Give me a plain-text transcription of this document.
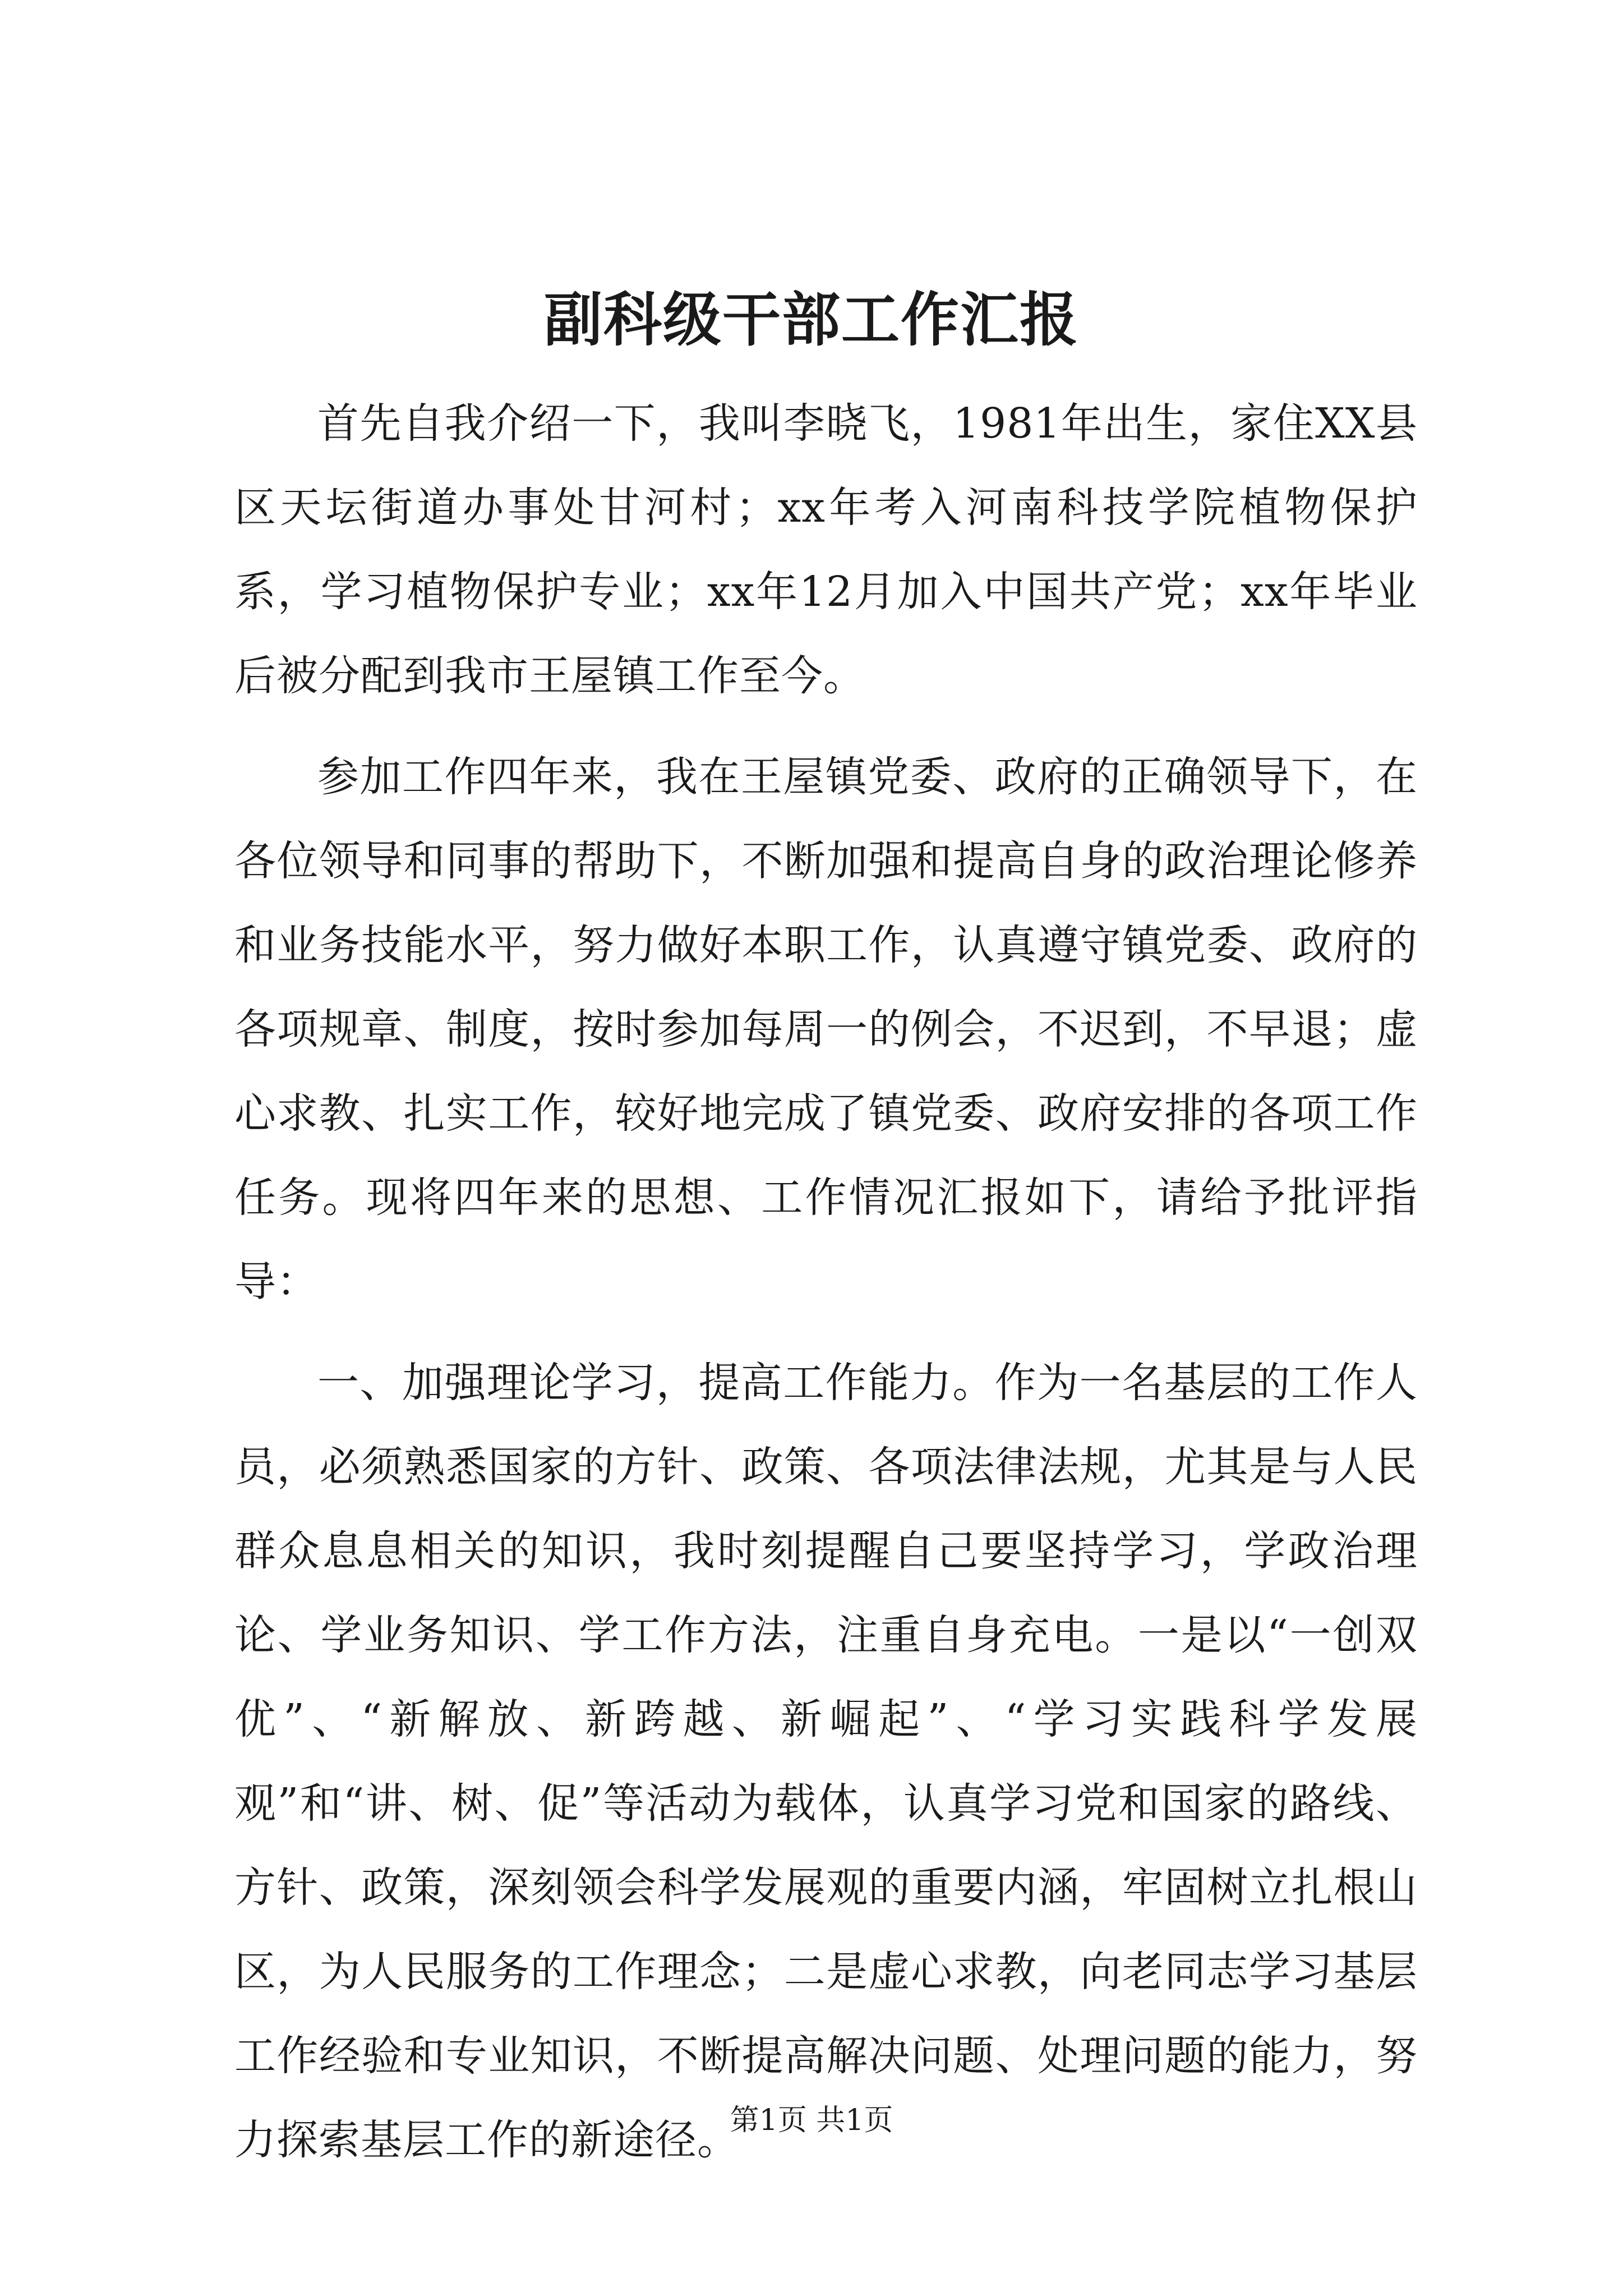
副科级干部工作汇报

首先自我介绍一下，我叫李晓飞，1981年出生，家住XX县区天坛街道办事处甘河村；xx年考入河南科技学院植物保护系，学习植物保护专业；xx年12月加入中国共产党；xx年毕业后被分配到我市王屋镇工作至今。

参加工作四年来，我在王屋镇党委、政府的正确领导下，在各位领导和同事的帮助下，不断加强和提高自身的政治理论修养和业务技能水平，努力做好本职工作，认真遵守镇党委、政府的各项规章、制度，按时参加每周一的例会，不迟到，不早退；虚心求教、扎实工作，较好地完成了镇党委、政府安排的各项工作任务。现将四年来的思想、工作情况汇报如下，请给予批评指导：

一、加强理论学习，提高工作能力。作为一名基层的工作人员，必须熟悉国家的方针、政策、各项法律法规，尤其是与人民群众息息相关的知识，我时刻提醒自己要坚持学习，学政治理论、学业务知识、学工作方法，注重自身充电。一是以“一创双优”、“新解放、新跨越、新崛起”、“学习实践科学发展观”和“讲、树、促”等活动为载体，认真学习党和国家的路线、方针、政策，深刻领会科学发展观的重要内涵，牢固树立扎根山区，为人民服务的工作理念；二是虚心求教，向老同志学习基层工作经验和专业知识，不断提高解决问题、处理问题的能力，努力探索基层工作的新途径。

第1页 共1页
